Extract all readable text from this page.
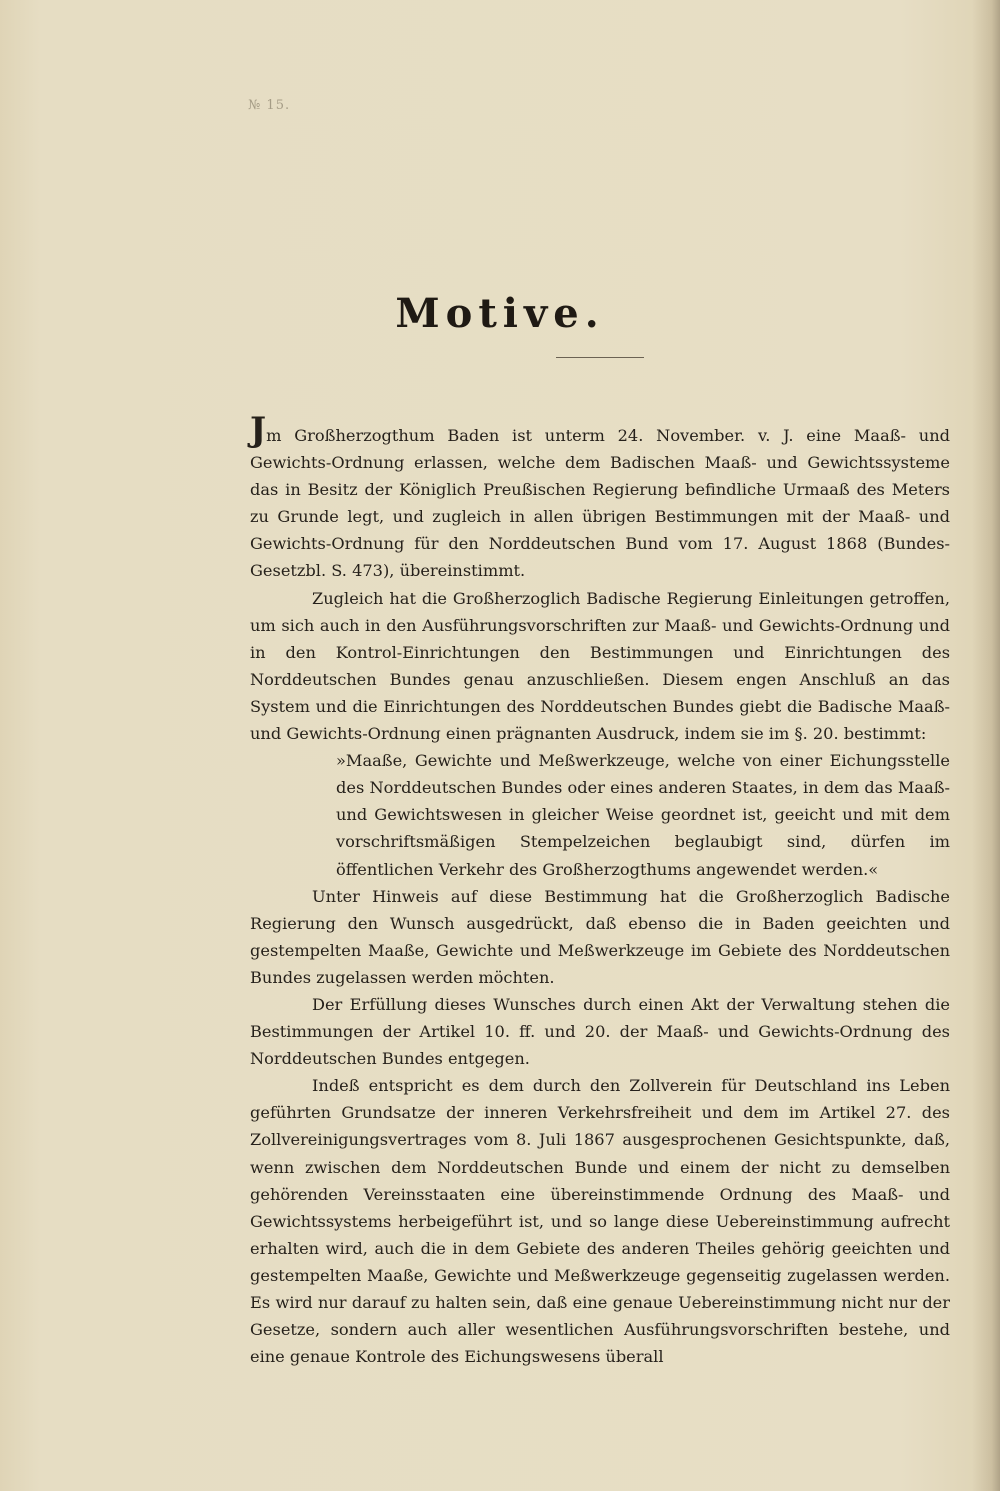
№ 15.
Motive.

Jm Großherzogthum Baden ist unterm 24. November. v. J. eine Maaß- und Gewichts-Ordnung erlassen, welche dem Badischen Maaß- und Gewichtssysteme das in Besitz der Königlich Preußischen Regierung befindliche Urmaaß des Meters zu Grunde legt, und zugleich in allen übrigen Bestimmungen mit der Maaß- und Gewichts-Ordnung für den Norddeutschen Bund vom 17. August 1868 (Bundes-Gesetzbl. S. 473), übereinstimmt.

Zugleich hat die Großherzoglich Badische Regierung Einleitungen getroffen, um sich auch in den Ausführungsvorschriften zur Maaß- und Gewichts-Ordnung und in den Kontrol-Einrichtungen den Bestimmungen und Einrichtungen des Norddeutschen Bundes genau anzuschließen. Diesem engen Anschluß an das System und die Einrichtungen des Norddeutschen Bundes giebt die Badische Maaß- und Gewichts-Ordnung einen prägnanten Ausdruck, indem sie im §. 20. bestimmt:

»Maaße, Gewichte und Meßwerkzeuge, welche von einer Eichungsstelle des Norddeutschen Bundes oder eines anderen Staates, in dem das Maaß- und Gewichtswesen in gleicher Weise geordnet ist, geeicht und mit dem vorschriftsmäßigen Stempelzeichen beglaubigt sind, dürfen im öffentlichen Verkehr des Großherzogthums angewendet werden.«

Unter Hinweis auf diese Bestimmung hat die Großherzoglich Badische Regierung den Wunsch ausgedrückt, daß ebenso die in Baden geeichten und gestempelten Maaße, Gewichte und Meßwerkzeuge im Gebiete des Norddeutschen Bundes zugelassen werden möchten.

Der Erfüllung dieses Wunsches durch einen Akt der Verwaltung stehen die Bestimmungen der Artikel 10. ff. und 20. der Maaß- und Gewichts-Ordnung des Norddeutschen Bundes entgegen.

Indeß entspricht es dem durch den Zollverein für Deutschland ins Leben geführten Grundsatze der inneren Verkehrsfreiheit und dem im Artikel 27. des Zollvereinigungsvertrages vom 8. Juli 1867 ausgesprochenen Gesichtspunkte, daß, wenn zwischen dem Norddeutschen Bunde und einem der nicht zu demselben gehörenden Vereinsstaaten eine übereinstimmende Ordnung des Maaß- und Gewichtssystems herbeigeführt ist, und so lange diese Uebereinstimmung aufrecht erhalten wird, auch die in dem Gebiete des anderen Theiles gehörig geeichten und gestempelten Maaße, Gewichte und Meßwerkzeuge gegenseitig zugelassen werden. Es wird nur darauf zu halten sein, daß eine genaue Uebereinstimmung nicht nur der Gesetze, sondern auch aller wesentlichen Ausführungsvorschriften bestehe, und eine genaue Kontrole des Eichungswesens überall
